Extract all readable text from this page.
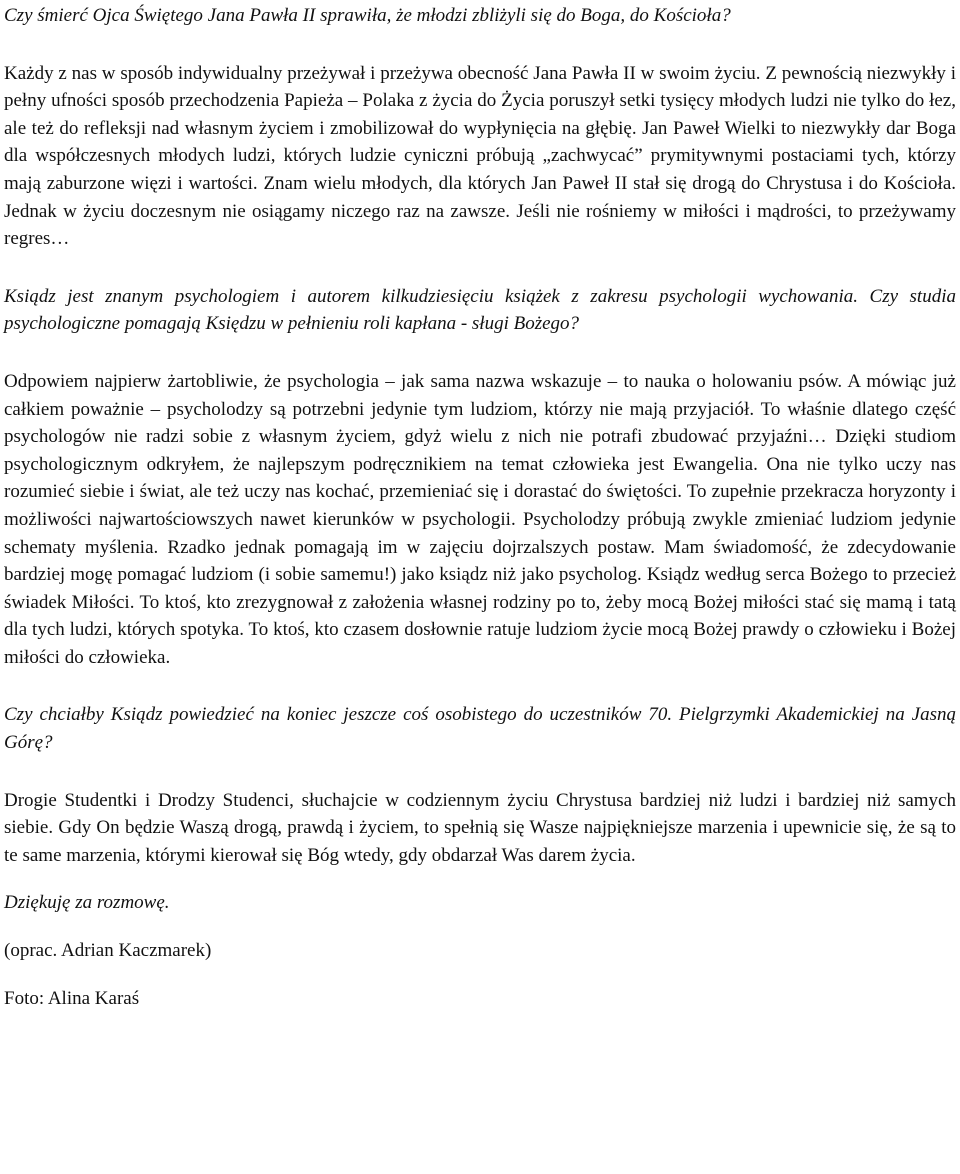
Czy śmierć Ojca Świętego Jana Pawła II sprawiła, że młodzi zbliżyli się do Boga, do Kościoła?

Każdy z nas w sposób indywidualny przeżywał i przeżywa obecność Jana Pawła II w swoim życiu. Z pewnością niezwykły i pełny ufności sposób przechodzenia Papieża – Polaka z życia do Życia poruszył setki tysięcy młodych ludzi nie tylko do łez, ale też do refleksji nad własnym życiem i zmobilizował do wypłynięcia na głębię. Jan Paweł Wielki to niezwykły dar Boga dla współczesnych młodych ludzi, których ludzie cyniczni próbują „zachwycać” prymitywnymi postaciami tych, którzy mają zaburzone więzi i wartości. Znam wielu młodych, dla których Jan Paweł II stał się drogą do Chrystusa i do Kościoła. Jednak w życiu doczesnym nie osiągamy niczego raz na zawsze. Jeśli nie rośniemy w miłości i mądrości, to przeżywamy regres…

Ksiądz jest znanym psychologiem i autorem kilkudziesięciu książek z zakresu psychologii wychowania. Czy studia psychologiczne pomagają Księdzu w pełnieniu roli kapłana - sługi Bożego?

Odpowiem najpierw żartobliwie, że psychologia – jak sama nazwa wskazuje – to nauka o holowaniu psów. A mówiąc już całkiem poważnie – psycholodzy są potrzebni jedynie tym ludziom, którzy nie mają przyjaciół. To właśnie dlatego część psychologów nie radzi sobie z własnym życiem, gdyż wielu z nich nie potrafi zbudować przyjaźni… Dzięki studiom psychologicznym odkryłem, że najlepszym podręcznikiem na temat człowieka jest Ewangelia. Ona nie tylko uczy nas rozumieć siebie i świat, ale też uczy nas kochać, przemieniać się i dorastać do świętości. To zupełnie przekracza horyzonty i możliwości najwartościowszych nawet kierunków w psychologii. Psycholodzy próbują zwykle zmieniać ludziom jedynie schematy myślenia. Rzadko jednak pomagają im w zajęciu dojrzalszych postaw. Mam świadomość, że zdecydowanie bardziej mogę pomagać ludziom (i sobie samemu!) jako ksiądz niż jako psycholog. Ksiądz według serca Bożego to przecież świadek Miłości. To ktoś, kto zrezygnował z założenia własnej rodziny po to, żeby mocą Bożej miłości stać się mamą i tatą dla tych ludzi, których spotyka. To ktoś, kto czasem dosłownie ratuje ludziom życie mocą Bożej prawdy o człowieku i Bożej miłości do człowieka.

Czy chciałby Ksiądz powiedzieć na koniec jeszcze coś osobistego do uczestników 70. Pielgrzymki Akademickiej na Jasną Górę?

Drogie Studentki i Drodzy Studenci, słuchajcie w codziennym życiu Chrystusa bardziej niż ludzi i bardziej niż samych siebie. Gdy On będzie Waszą drogą, prawdą i życiem, to spełnią się Wasze najpiękniejsze marzenia i upewnicie się, że są to te same marzenia, którymi kierował się Bóg wtedy, gdy obdarzał Was darem życia.

Dziękuję za rozmowę.

(oprac. Adrian Kaczmarek)

Foto: Alina Karaś
